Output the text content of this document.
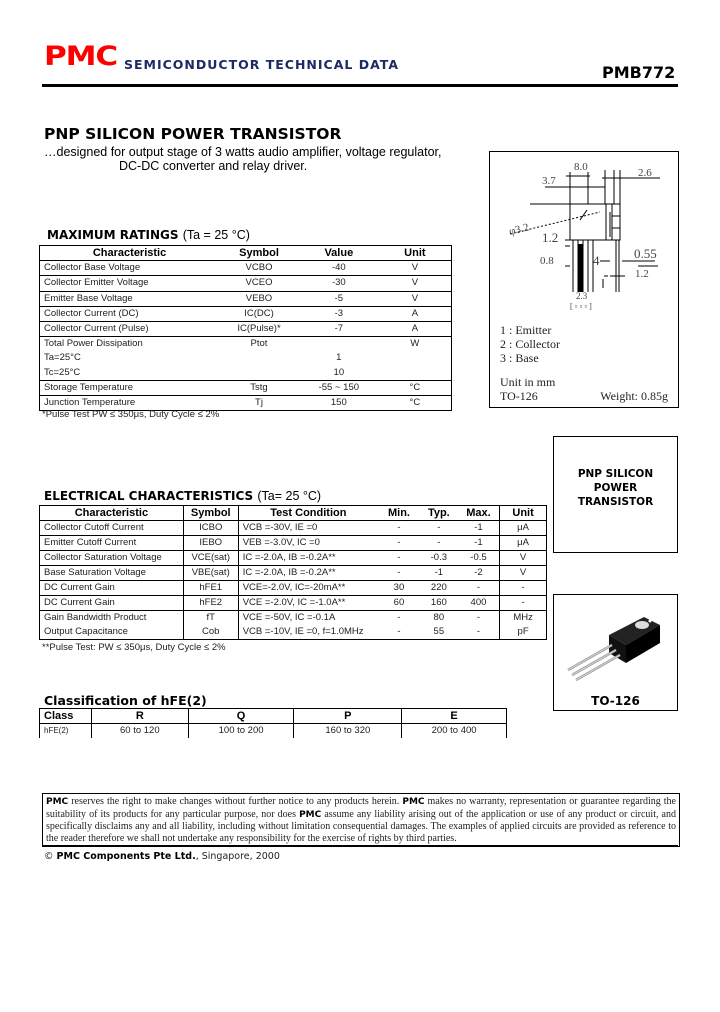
PMC SEMICONDUCTOR TECHNICAL DATA	PMB772
PNP SILICON POWER TRANSISTOR
…designed for output stage of 3 watts audio amplifier, voltage regulator,
DC-DC converter and relay driver.
MAXIMUM RATINGS (Ta = 25 °C)
Characteristic	Symbol	Value	Unit
Collector Base Voltage	VCBO	-40	V
Collector Emitter Voltage	VCEO	-30	V
Emitter Base Voltage	VEBO	-5	V
Collector Current (DC)	IC(DC)	-3	A
Collector Current (Pulse)	IC(Pulse)*	-7	A
Total Power Dissipation	Ptot		W
Ta=25°C		1	
Tc=25°C		10	
Storage Temperature	Tstg	-55 ~ 150	°C
Junction Temperature	Tj	150	°C
*Pulse Test PW ≤ 350μs, Duty Cycle ≤ 2%
8.0
3.7
2.6
φ3.2 1.2
0.8	0.55
1.2
4
2.3
[ ▫ ▫ ▫ ]
1 : Emitter
2 : Collector
3 : Base
Unit in mm
TO-126	Weight: 0.85g
PNP SILICON
POWER
TRANSISTOR
TO-126
ELECTRICAL CHARACTERISTICS (Ta= 25 °C)
Characteristic	Symbol	Test Condition	Min.	Typ.	Max.	Unit
Collector Cutoff Current	ICBO	VCB =-30V, IE =0	-	-	-1	μA
Emitter Cutoff Current	IEBO	VEB =-3.0V, IC =0	-	-	-1	μA
Collector Saturation Voltage	VCE(sat)	IC =-2.0A, IB =-0.2A**	-	-0.3	-0.5	V
Base Saturation Voltage	VBE(sat)	IC =-2.0A, IB =-0.2A**	-	-1	-2	V
DC Current Gain	hFE1	VCE=-2.0V, IC=-20mA**	30	220	-	-
DC Current Gain	hFE2	VCE =-2.0V, IC =-1.0A**	60	160	400	-
Gain Bandwidth Product	fT	VCE =-50V, IC =-0.1A	-	80	-	MHz
Output Capacitance	Cob	VCB =-10V, IE =0, f=1.0MHz	-	55	-	pF
**Pulse Test: PW ≤ 350μs, Duty Cycle ≤ 2%
Classification of hFE(2)
Class	R	Q	P	E
hFE(2)	60 to 120	100 to 200	160 to 320	200 to 400
PMC reserves the right to make changes without further notice to any products herein. PMC makes no warranty, representation or guarantee regarding the suitability of its products for any particular purpose, nor does PMC assume any liability arising out of the application or use of any product or circuit, and specifically disclaims any and all liability, including without limitation consequential damages. The examples of applied circuits are provided as reference to the reader therefore we shall not undertake any responsibility for the exercise of rights by third parties.
© PMC Components Pte Ltd., Singapore, 2000
